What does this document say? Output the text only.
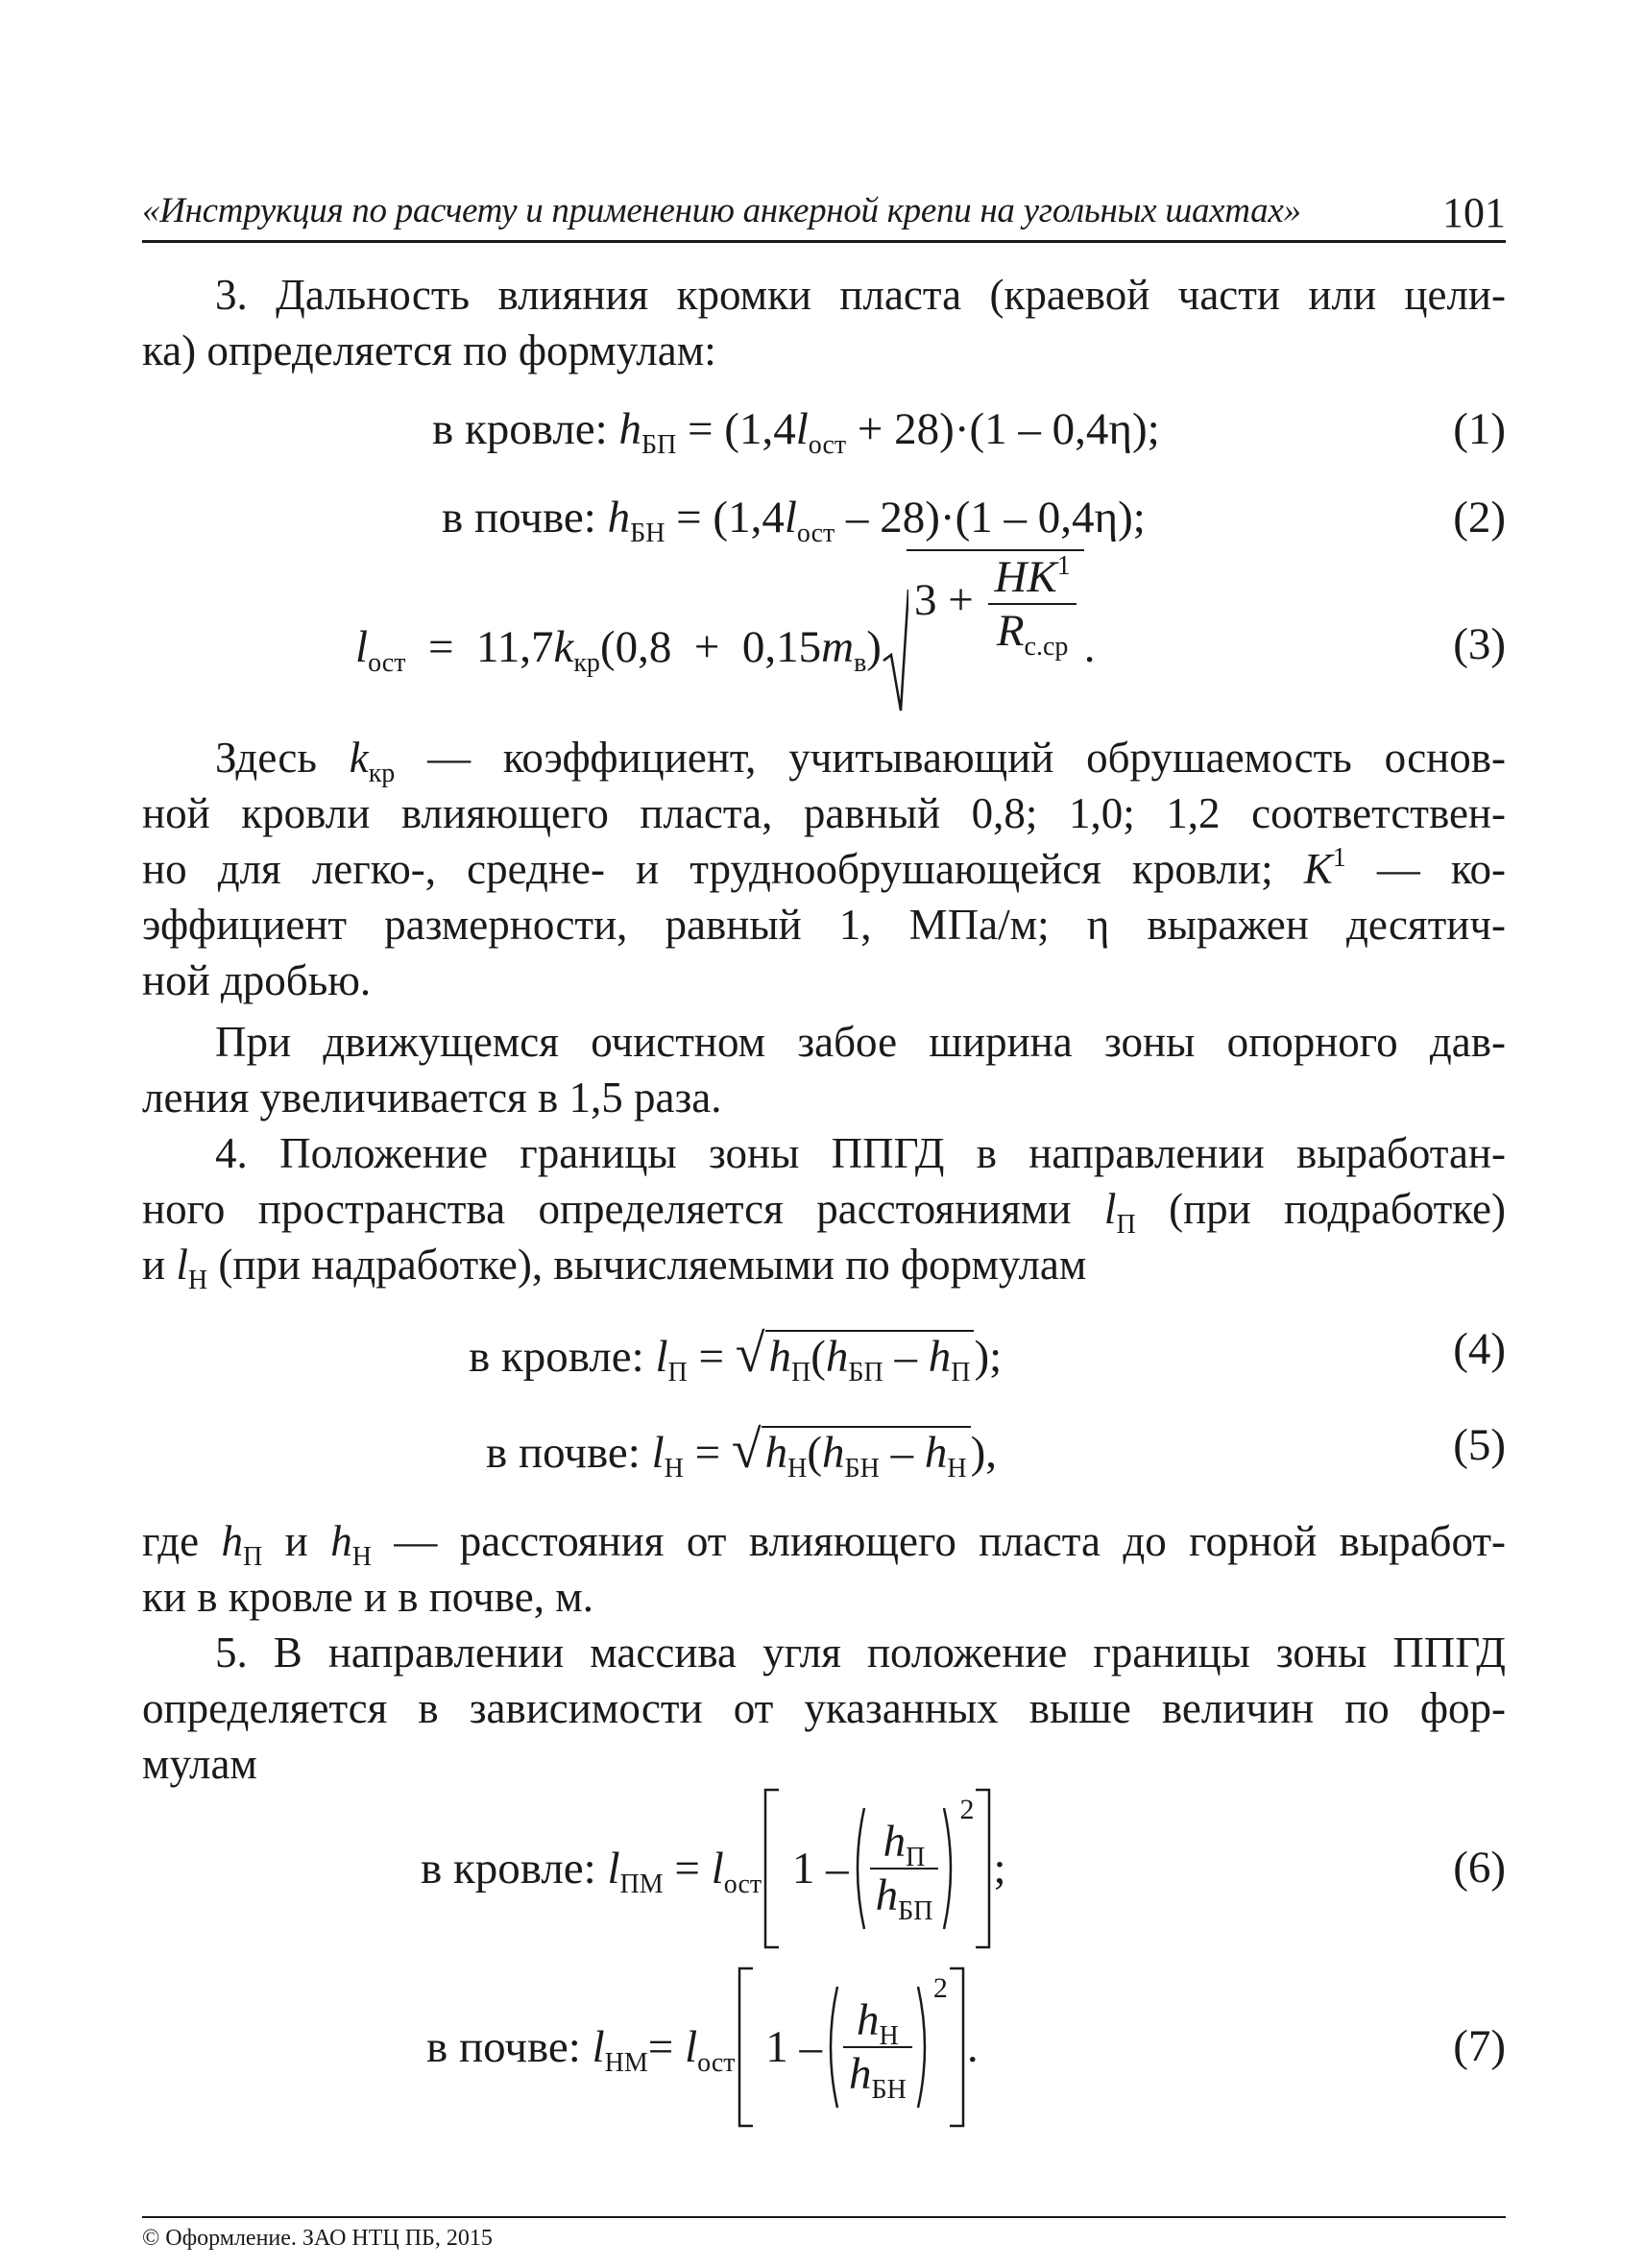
«Инструкция по расчету и применению анкерной крепи на угольных шахтах»	101
3. Дальность влияния кромки пласта (краевой части или цели-
ка) определяется по формулам:
в кровле: $h_{БП} = (1,4l_{ост} + 28)\cdot(1 - 0,4\eta)$;	(1)
в почве: $h_{БН} = (1,4l_{ост} - 28)\cdot(1 - 0,4\eta)$;	(2)
$l_{ост} = 11,7k_{кр}(0,8 + 0,15m_в)3 + \frac{HK^1}{R_{с.ср}}$ .	(3)
Здесь $k_{кр}$ — коэффициент, учитывающий обрушаемость основ-
ной кровли влияющего пласта, равный 0,8; 1,0; 1,2 соответствен-
но для легко-, средне- и труднообрушающейся кровли; $K^1$ — ко-
эффициент размерности, равный 1, МПа/м; η выражен десятич-
ной дробью.
При движущемся очистном забое ширина зоны опорного дав-
ления увеличивается в 1,5 раза.
4. Положение границы зоны ППГД в направлении выработан-
ного пространства определяется расстояниями $l_П$ (при подработке)
и $l_Н$ (при надработке), вычисляемыми по формулам
в кровле: $l_П = √h_П(h_{БП} - h_П)$;	(4)
в почве: $l_Н = √h_Н(h_{БН} - h_Н)$,	(5)
где $h_П$ и $h_Н$ — расстояния от влияющего пласта до горной выработ-
ки в кровле и в почве, м.
5. В направлении массива угля положение границы зоны ППГД
определяется в зависимости от указанных выше величин по фор-
мулам
в кровле: $l_{ПМ} = l_{ост}$ $1 - \frac{h_П}{h_{БП}}$
2;	(6)
в почве: $l_{НМ}= l_{ост}$ $1 - \frac{h_Н}{h_{БН}}$
2.	(7)
© Оформление. ЗАО НТЦ ПБ, 2015
